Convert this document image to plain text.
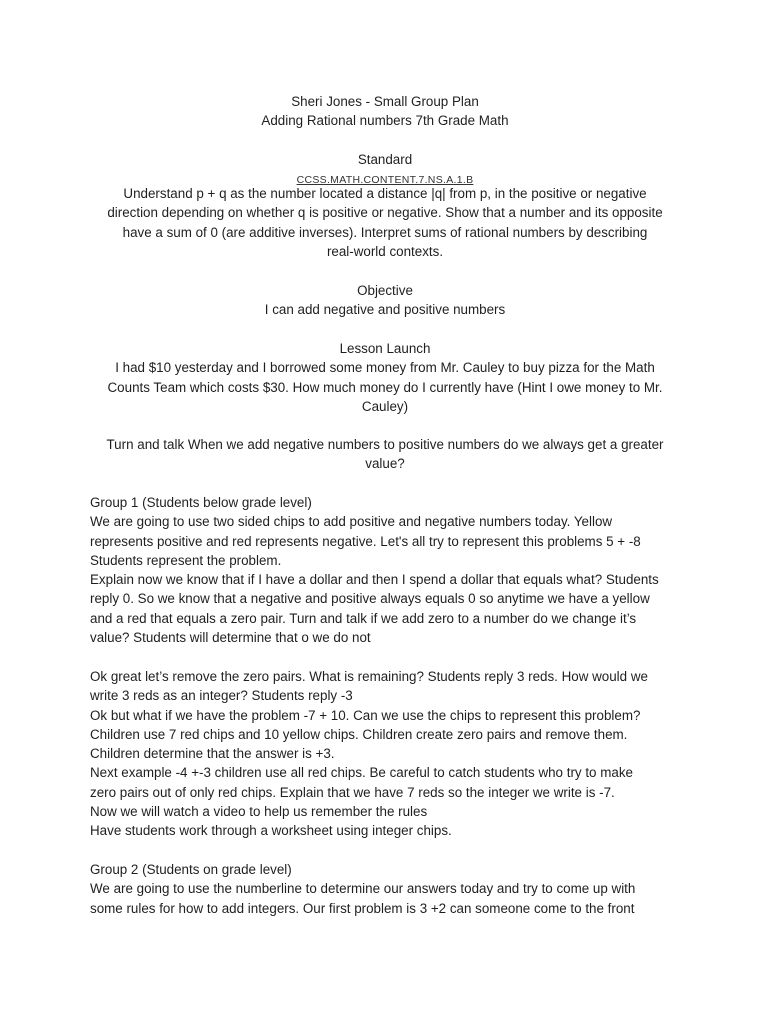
Sheri Jones - Small Group Plan
Adding Rational numbers 7th Grade Math
Standard
CCSS.MATH.CONTENT.7.NS.A.1.B
Understand p + q as the number located a distance |q| from p, in the positive or negative
direction depending on whether q is positive or negative. Show that a number and its opposite
have a sum of 0 (are additive inverses). Interpret sums of rational numbers by describing
real-world contexts.
Objective
I can add negative and positive numbers
Lesson Launch
I had $10 yesterday and I borrowed some money from Mr. Cauley to buy pizza for the Math
Counts Team which costs $30. How much money do I currently have (Hint I owe money to Mr.
Cauley)
Turn and talk When we add negative numbers to positive numbers do we always get a greater
value?
Group 1 (Students below grade level)
We are going to use two sided chips to add positive and negative numbers today. Yellow
represents positive and red represents negative. Let's all try to represent this problems 5 + -8
Students represent the problem.
Explain now we know that if I have a dollar and then I spend a dollar that equals what? Students
reply 0. So we know that a negative and positive always equals 0 so anytime we have a yellow
and a red that equals a zero pair. Turn and talk if we add zero to a number do we change it’s
value? Students will determine that o we do not
Ok great let’s remove the zero pairs. What is remaining? Students reply 3 reds. How would we
write 3 reds as an integer? Students reply -3
Ok but what if we have the problem -7 + 10. Can we use the chips to represent this problem?
Children use 7 red chips and 10 yellow chips. Children create zero pairs and remove them.
Children determine that the answer is +3.
Next example -4 +-3 children use all red chips. Be careful to catch students who try to make
zero pairs out of only red chips. Explain that we have 7 reds so the integer we write is -7.
Now we will watch a video to help us remember the rules
Have students work through a worksheet using integer chips.
Group 2 (Students on grade level)
We are going to use the numberline to determine our answers today and try to come up with
some rules for how to add integers. Our first problem is 3 +2 can someone come to the front
